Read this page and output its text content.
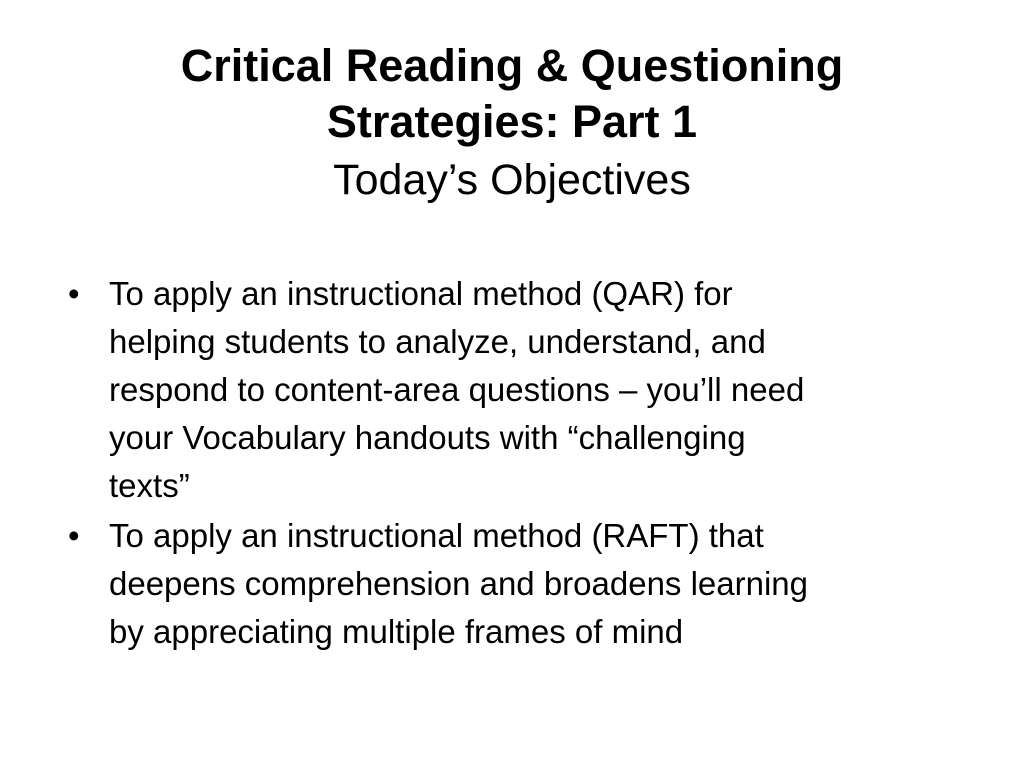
Critical Reading & Questioning
Strategies: Part 1
Today’s Objectives
• To apply an instructional method (QAR) for
helping students to analyze, understand, and
respond to content-area questions – you’ll need
your Vocabulary handouts with “challenging
texts”
• To apply an instructional method (RAFT) that
deepens comprehension and broadens learning
by appreciating multiple frames of mind
